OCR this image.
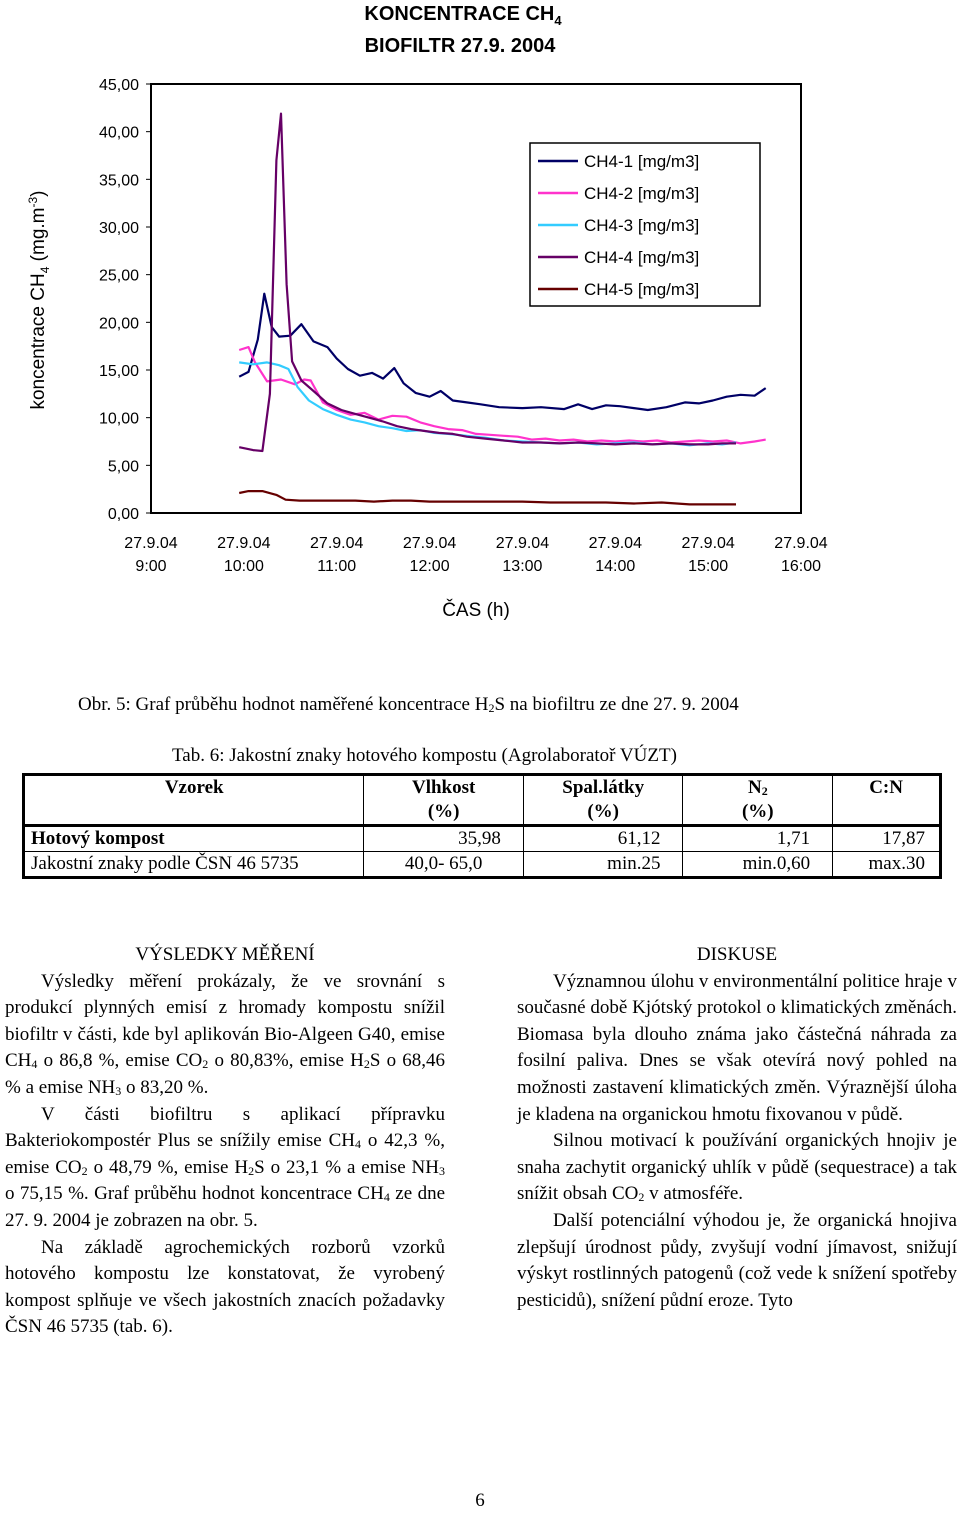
KONCENTRACE $CH_4$
BIOFILTR 27.9. 2004
koncentrace $CH_4$ $(mg.m^{-3})$
ČAS (h)
0,00
5,00
10,00
15,00
20,00
25,00
30,00
35,00
40,00
45,00
27.9.04
9:00
27.9.04
10:00
27.9.04
11:00
27.9.04
12:00
27.9.04
13:00
27.9.04
14:00
27.9.04
15:00
27.9.04
16:00
CH4-1 [mg/m3]
CH4-2 [mg/m3]
CH4-3 [mg/m3]
CH4-4 [mg/m3]
CH4-5 [mg/m3]
Obr. 5: Graf průběhu hodnot naměřené koncentrace $H_2S$ na biofiltru ze dne 27. 9. 2004
Tab. 6: Jakostní znaky hotového kompostu (Agrolaboratoř VÚZT)
Vzorek	Vlhkost	Spal.látky	$N_2$	C:N
	(%)	(%)	(%)	
Hotový kompost	35,98	61,12	1,71	17,87
Jakostní znaky podle ČSN 46 5735	40,0- 65,0	min.25	min.0,60	max.30
VÝSLEDKY MĚŘENÍ

Výsledky měření prokázaly, že ve srovnání s produkcí plynných emisí z hromady kompostu snížil biofiltr v části, kde byl aplikován Bio-Algeen G40, emise $CH_4$ o 86,8 %, emise $CO_2$ o 80,83%, emise $H_2S$ o 68,46 % a emise $NH_3$ o 83,20 %.

V části biofiltru s aplikací přípravku Bakteriokompostér Plus se snížily emise $CH_4$ o 42,3 %, emise $CO_2$ o 48,79 %, emise $H_2S$ o 23,1 % a emise $NH_3$ o 75,15 %. Graf průběhu hodnot koncentrace $CH_4$ ze dne 27. 9. 2004 je zobrazen na obr. 5.

Na základě agrochemických rozborů vzorků hotového kompostu lze konstatovat, že vyrobený kompost splňuje ve všech jakostních znacích požadavky ČSN 46 5735 (tab. 6).

DISKUSE

Významnou úlohu v environmentální politice hraje v současné době Kjótský protokol o klimatických změnách. Biomasa byla dlouho známa jako částečná náhrada za fosilní paliva. Dnes se však otevírá nový pohled na možnosti zastavení klimatických změn. Výraznější úloha je kladena na organickou hmotu fixovanou v půdě.

Silnou motivací k používání organických hnojiv je snaha zachytit organický uhlík v půdě (sequestrace) a tak snížit obsah $CO_2$ v atmosféře.

Další potenciální výhodou je, že organická hnojiva zlepšují úrodnost půdy, zvyšují vodní jímavost, snižují výskyt rostlinných patogenů (což vede k snížení spotřeby pesticidů), snížení půdní eroze. Tyto

6
